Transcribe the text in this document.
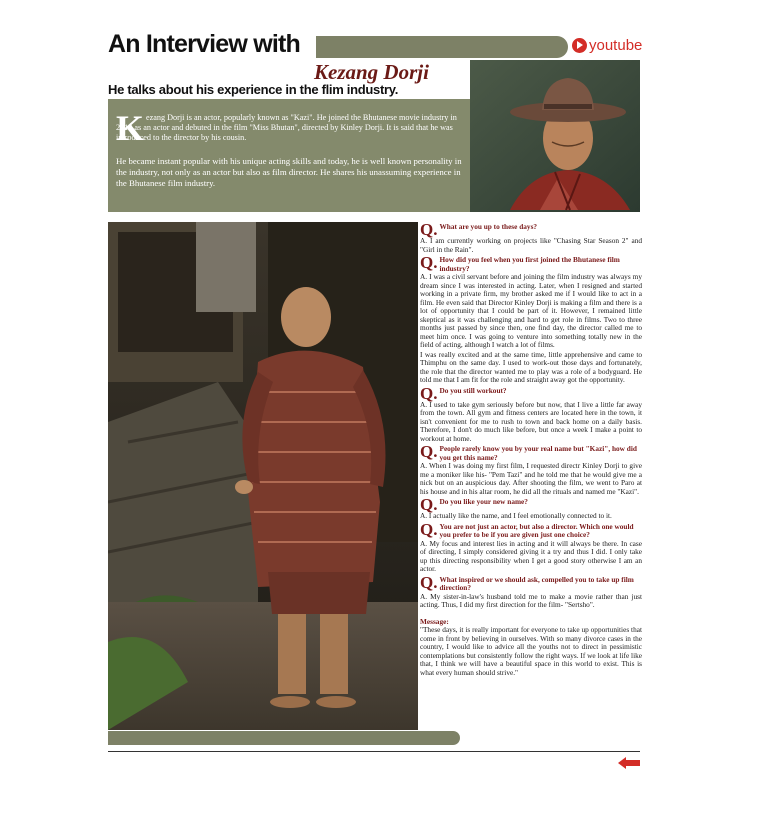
An Interview with	youtube
Kezang Dorji
He talks about his experience in the flim industry.
K ezang Dorji is an actor, popularly known as "Kazi". He joined the Bhutanese movie industry in 2010 as an actor and debuted in the film "Miss Bhutan", directed by Kinley Dorji. It is said that he was introduced to the director by his cousin.
He became instant popular with his unique acting skills and today, he is well known personality in the industry, not only as an actor but also as film director. He shares his unassuming experience in the Bhutanese film industry.
Q. What are you up to these days?

A. I am currently working on projects like "Chasing Star Season 2" and "Girl in the Rain".

Q. How did you feel when you first joined the Bhutanese film industry?

A. I was a civil servant before and joining the film industry was always my dream since I was interested in acting. Later, when I resigned and started working in a private firm, my brother asked me if I would like to act in a film. He even said that Director Kinley Dorji is making a film and there is a lot of opportunity that I could be part of it. However, I remained little skeptical as it was challenging and hard to get role in films. Two to three months just passed by since then, one find day, the director called me to meet him once. I was going to venture into something totally new in the field of acting, although I watch a lot of films.

I was really excited and at the same time, little apprehensive and came to Thimphu on the same day. I used to work-out those days and fortunately, the role that the director wanted me to play was a role of a bodyguard. He told me that I am fit for the role and straight away got the opportunity.

Q. Do you still workout?

A. I used to take gym seriously before but now, that I live a little far away from the town. All gym and fitness centers are located here in the town, it isn't convenient for me to rush to town and back home on a daily basis. Therefore, I don't do much like before, but once a week I make a point to workout at home.

Q. People rarely know you by your real name but "Kazi", how did you get this name?

A. When I was doing my first film, I requested directr Kinley Dorji to give me a moniker like his- "Pem Tazi" and he told me that he would give me a nick but on an auspicious day. After shooting the film, we went to Paro at his house and in his altar room, he did all the rituals and named me "Kazi".

Q. Do you like your new name?

A. I actually like the name, and I feel emotionally connected to it.

Q. You are not just an actor, but also a director. Which one would you prefer to be if you are given just one choice?

A. My focus and interest lies in acting and it will always be there. In case of directing, I simply considered giving it a try and thus I did. I only take up this directing responsibility when I get a good story otherwise I am an actor.

Q. What inspired or we should ask, compelled you to take up film direction?

A. My sister-in-law's husband told me to make a movie rather than just acting. Thus, I did my first direction for the film- "Sertsho".

Message:

"These days, it is really important for everyone to take up opportunities that come in front by believing in ourselves. With so many divorce cases in the country, I would like to advice all the youths not to direct in pessimistic contemplations but consistently follow the right ways. If we look at life like that, I think we will have a beautiful space in this world to exist. This is what every human should strive."
